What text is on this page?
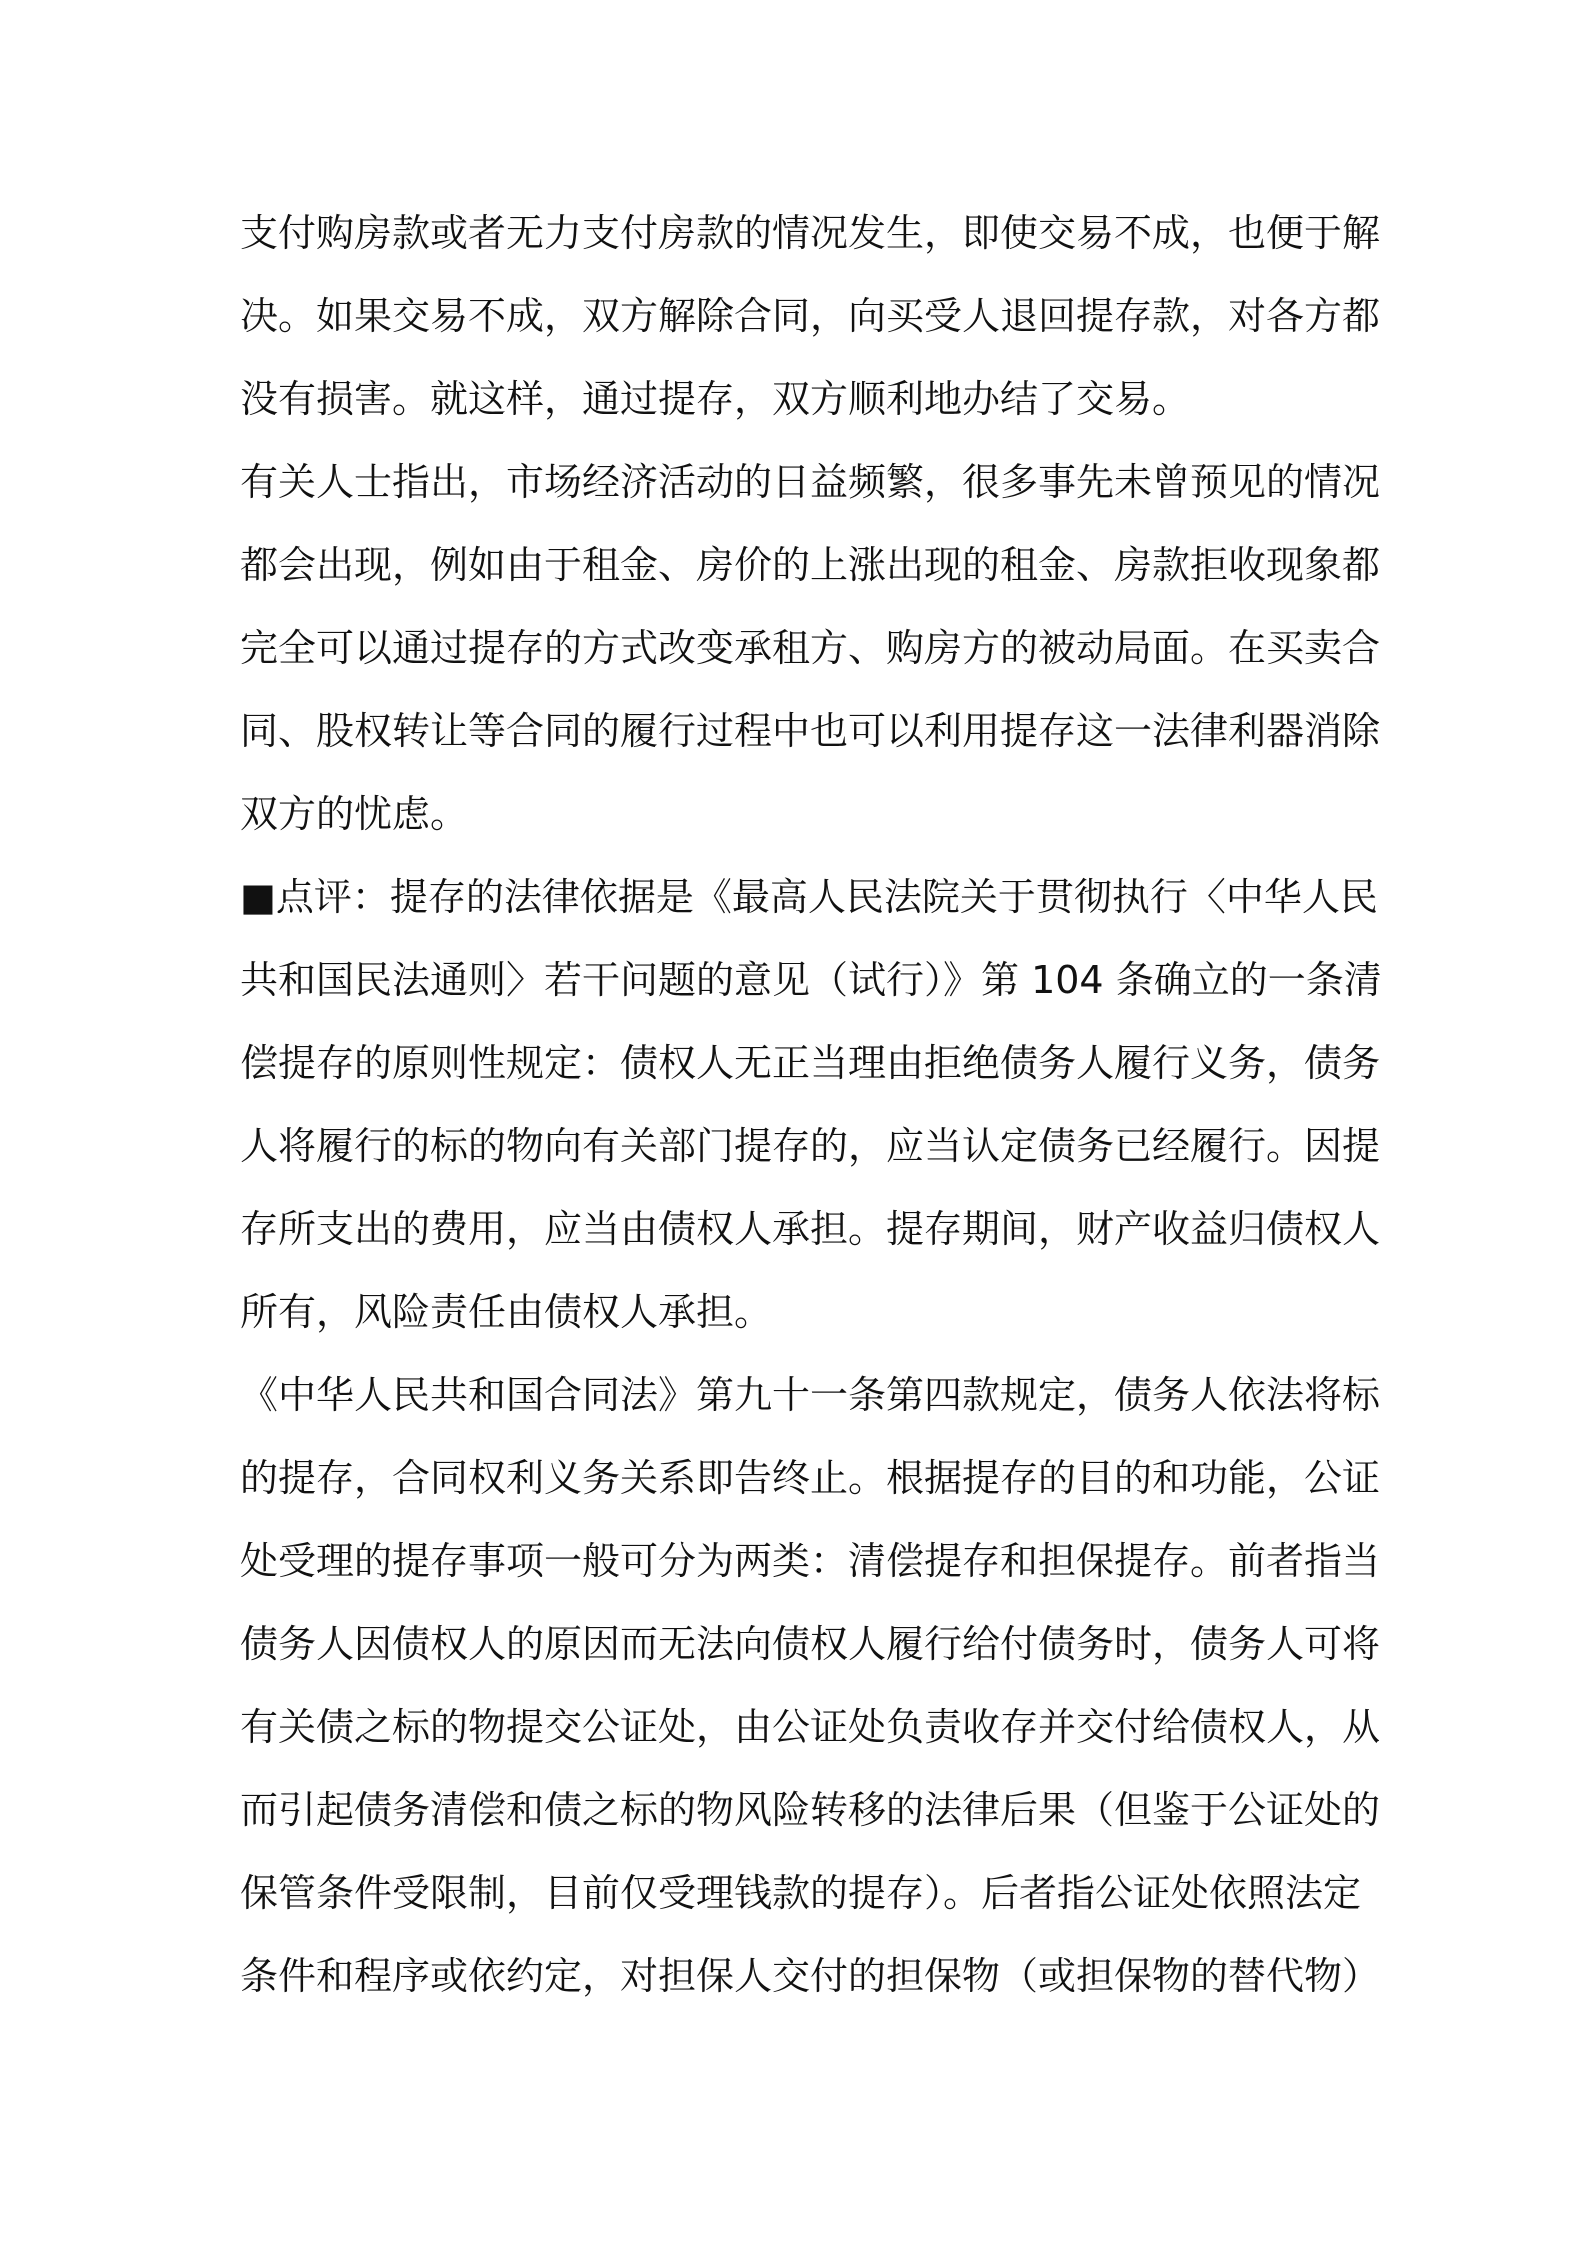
支付购房款或者无力支付房款的情况发生，即使交易不成，也便于解
决。如果交易不成，双方解除合同，向买受人退回提存款，对各方都
没有损害。就这样，通过提存，双方顺利地办结了交易。
有关人士指出，市场经济活动的日益频繁，很多事先未曾预见的情况
都会出现，例如由于租金、房价的上涨出现的租金、房款拒收现象都
完全可以通过提存的方式改变承租方、购房方的被动局面。在买卖合
同、股权转让等合同的履行过程中也可以利用提存这一法律利器消除
双方的忧虑。
■点评：提存的法律依据是《最高人民法院关于贯彻执行〈中华人民
共和国民法通则〉若干问题的意见（试行）》第 104 条确立的一条清
偿提存的原则性规定：债权人无正当理由拒绝债务人履行义务，债务
人将履行的标的物向有关部门提存的，应当认定债务已经履行。因提
存所支出的费用，应当由债权人承担。提存期间，财产收益归债权人
所有，风险责任由债权人承担。
《中华人民共和国合同法》第九十一条第四款规定，债务人依法将标
的提存，合同权利义务关系即告终止。根据提存的目的和功能，公证
处受理的提存事项一般可分为两类：清偿提存和担保提存。前者指当
债务人因债权人的原因而无法向债权人履行给付债务时，债务人可将
有关债之标的物提交公证处，由公证处负责收存并交付给债权人，从
而引起债务清偿和债之标的物风险转移的法律后果（但鉴于公证处的
保管条件受限制，目前仅受理钱款的提存）。后者指公证处依照法定
条件和程序或依约定，对担保人交付的担保物（或担保物的替代物）
